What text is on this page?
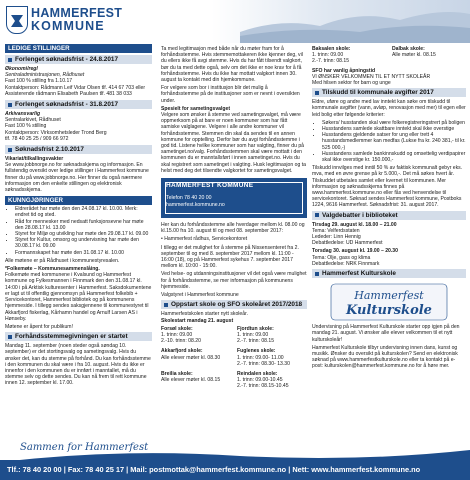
HAMMERFEST
KOMMUNE
LEDIGE STILLINGER
Forlenget søknadsfrist - 24.8.2017
Økonomi/regl
Sentraladministrasjonen, Rådhuset
Fast 100 % stilling fra 1.10.17
Kontaktperson: Rådmann Leif Vidar Olsen tlf. 414 67 703 eller
Assisterende rådmann Elisabeth Paulsen tlf. 481 38 033
Forlenget søknadsfrist - 31.8.2017
Arkivansvarlig
Sentralarkivet, Rådhuset
Fast 100 % stilling
Kontaktperson: Virksomhetsleder Trond Berg
tlf. 78 40 25 25 / 909 66 972
Søknadsfrist 2.10.2017
Vikariat/tilkallingsvakter
Se www.jobbnorge.no for søknadsskjema og informasjon. En fullstendig oversikt over ledige stillinger i Hammerfest kommune finner du på www.jobbnorge.no. Her finner du også nærmere informasjon om den enkelte stillingen og elektronisk søknadsskjema.
KUNNGJØRINGER
• Eldrerådet har møte den den 24.08.17 kl. 10.00. Merk: endret tid og sted.
• Råd for mennesker med nedsatt funksjonsevne har møte den 28.08.17 kl. 13.00
• Styret for Miljø og utvikling har møte den 29.08.17 kl. 09.00
• Styret for Kultur, omsorg og undervisning har møte den 30.08.17 kl. 09.00
• Formannskapet har møte den 31.08.17 kl. 10.00
Alle møtene er på Rådhuset i kommunestyresalen.
*Folkemøte – Kommunesammenslåing.
Folkemøte med kommunene i Kvalsund og Hammerfest kommune og Fylkesmannen i Finnmark den den 31.08.17 kl. 14:00 i på Arktisk kulturesenter i Hammerfest. Saksdokumentene er lagt ut til offentlig gjennomsyn på Hammerfest folkebib + Servicekontoret, Hammerfest bibliotek og på kommunens hjemmeside. I tillegg sendes saksgjennene til kommunestyret til Akkarfjord fiskerlag, Kårhamn handel og Arnulf Larsen AS i Hønseby.
Møtene er åpent for publikum!
Forhåndsstemmegivningen er startet
Mandag 11. september (noen steder også søndag 10. september) er det stortingsvalg og sametingsvalg. Hvis du ønsker det, kan du stemme på forhånd. Du kan forhåndsstemme i den kommunen du skal være i fra 10. august. Hvis du ikke er innenfor i den kommunen du er innført i manntallet, må du stemme selv og dette sendes. Du kan nå frem til rett kommune innen 12. september kl. 17.00.
Ta med legitimasjon med både når du møter fram for å forhåndsstemme. Hvis stemmemottakeren ikke kjenner deg, vil du ellers ikke få avgi stemme. Hvis du har fått tilsendt valgkort, bør du ta med dette også, selv om det ikke er noe krav for å få forhåndsstemme. Hvis du ikke har mottatt valgkort innen 30. august ta kontakt med din hjemkommune.
For velgere som bor i institusjon blir det mulig å forhåndsstemme på de institusjoner som er nevnt i oversikten under.
Spesielt for sametingsvalget
Velgere som ønsker å stemme ved sametingsvalget, må være oppmerksom på at bare er noen kommuner som har fått samiske valglagene. Velgere i alle andre kommuner vil forhåndsstemme. Stemmen din skal da sendes til en annen kommune for opptelling. Derfor bør du avgi forhåndsstemme i god tid. Listene hvilke kommuner som har valgting, finner du på sametinget.no/valg. Forhåndsstemmen skal være mottatt i den kommunen du er manntallsført i innen sametinget.no. Hvis du skal registrert som sametinget i valgting. Husk legitimasjon og ta helst med deg det tilsendte valgkortet for sametingsvalget.
HAMMERFEST KOMMUNE
Telefon 78 40 20 00
hammerfest.kommune.no
Her kan du forhåndsstemme alle hverdager mellom kl. 08.00 og kl.15.00 fra 10. august til og med 08. september 2017:
• Hammerfest rådhus, Servicekontoret
I tillegg er det mulighet for å stemme på Nissensenteret fra 2. september til og med 8. september 2017 mellom kl. 11:00 - 16:00 (18), og på Hammerfest sykehus 7. september 2017 mellom kl. 10:00 - 15:00.
Ved helse- og utdanningsinstitusjoner vil det også være mulighet for å forhåndsstemme, se mer informasjon på kommunens hjemmeside.
Valgstyret i Hammerfest kommune
Oppstart skole og SFO skoleåret 2017/2018
Hammerfestskolen starter nytt skoleår.
Skolestart mandag 21. august
Forsøl skole:
1. trinn: 09.00
2.-10. trinn: 08.20
Fjordtun skole:
1. trinn: 09.00
2.-7. trinn: 08.15
Akkarfjord skole:
Alle elever møter kl. 08.30
Fuglenes skole:
1. trinn: 09.00- 11.00
2.-7. trinn: 08.30- 13.30
Breilia skole:
Alle elever møter kl. 08.15
Reindalen skole:
1. trinn: 09.00-10.45
2.-7. trinn: 08.15-10.45
Baksalen skole:
1. trinn: 09.00
2.-7. trinn: 08.15
Dalbak skole:
Alle møter kl. 08.15
SFO har vanlig åpningstid
VI ØNSKER VELKOMMEN TIL ET NYTT SKOLEÅR
Med hilsen sektor for barn og unge
Tilskudd til kommunale avgifter 2017
Eldre, uføre og andre med lav inntekt kan søke om tilskudd til kommunale avgifter (vann, avløp, renovasjon med mer) til egen eller leid bolig etter følgende kriterier:
• Søkers/ husstanden skal være folkeregistreringstrert på boligen
• Husstandens samlede skattbare inntekt skal ikke overstige
• Husstandens gjeldende satser for ung eller trett 4 husstandsmedlemmer kan medfas (Lukse fra kr. 240 381,- til kr. 525 000,-)
• Husstandens samlede bankinnskudd og omsettelig verdipapirer skal ikke overstige kr. 150.000,-
Tilskudd innvilges med inntil 50 % av faktisk kommunalt gebyr eks. mva, med en øvre grense på kr 5.000,-. Det må søkes hvert år. Tilskuddet utbetales samlet eller kvernet til kommunen. Mer informasjon og søknadsskjema finnes på www.hammerfest.kommune.no eller fås ved henvendelse til servicekontoret. Søknad sendes Hammerfest kommune, Postboks 1224, 9616 Hammerfest. Søknadsfrist: 31. august 2017.
Valgdebatter i biblioteket
Tirsdag 29. august kl. 18.00 – 21.00
Tema: Velferdsstaten
Lededer: Linn Hennig
Debattledelse: UD Hammerfest
Torsdag 30. august kl. 19.00 – 20.30
Tema: Olje, gass og klima
Debattledelse: NRK Finnmark
Hammerfest Kulturskole
Hammerfest
Kulturskole
Undervisning på Hammerfest Kulturskole starter opp igjen på den mandag 21. august. Vi ønsker alle elever velkommen til et nytt kulturskoleår!
Hammerfest Kulturskole tilbyr undervisning innen dans, kunst og musikk. Ønsker du oversikt på kulturskolen? Send en elektronisk søknad på www.hammerfestkulturskole.no eller ta kontakt på e-post: kulturskolen@hammerfest.kommune.no for å høre mer.
Sammen for Hammerfest
Tlf.: 78 40 20 00 | Fax: 78 40 25 17 | Mail: postmottak@hammerfest.kommune.no | Nett: www.hammerfest.kommune.no
